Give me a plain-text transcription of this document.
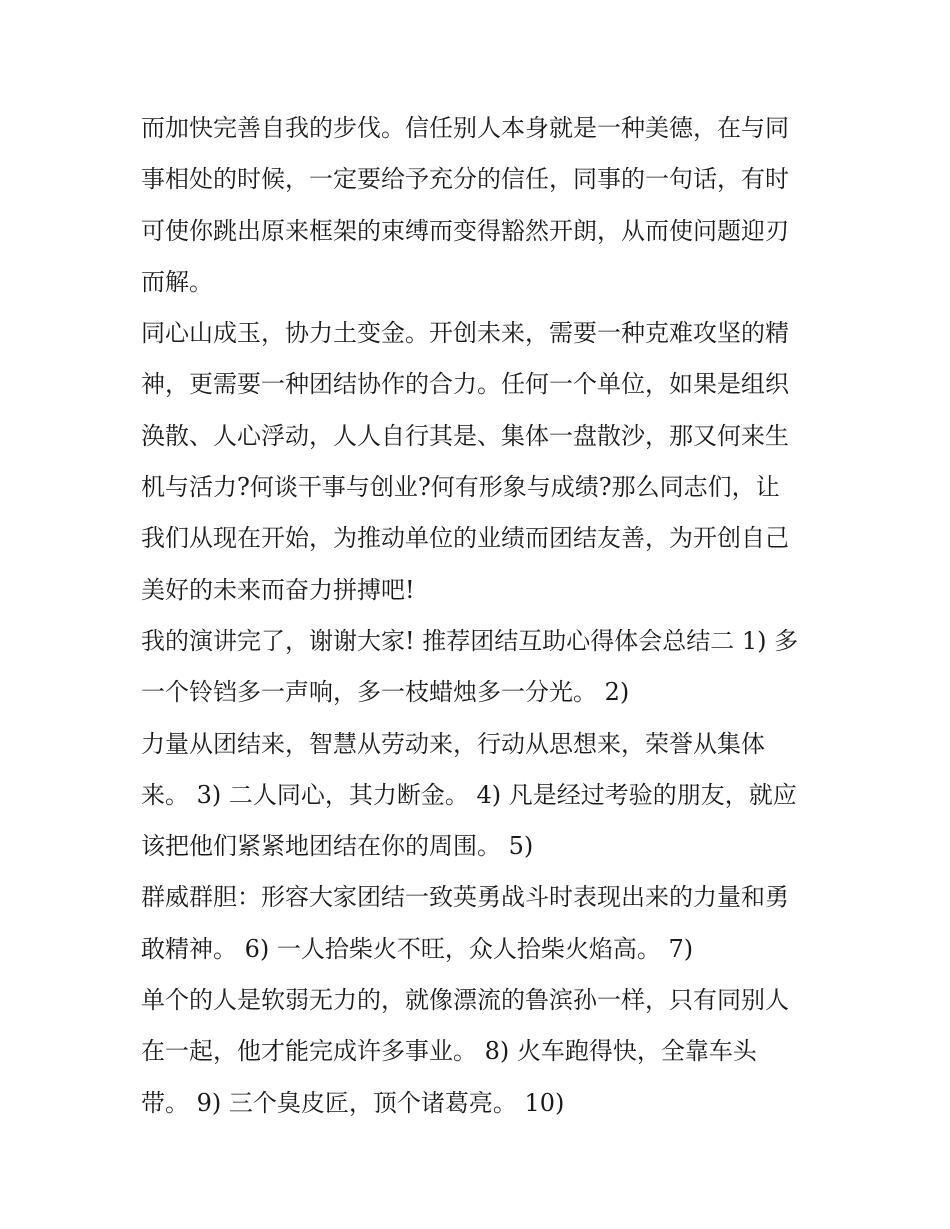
而加快完善自我的步伐。信任别人本身就是一种美德，在与同
事相处的时候，一定要给予充分的信任，同事的一句话，有时
可使你跳出原来框架的束缚而变得豁然开朗，从而使问题迎刃
而解。
同心山成玉，协力土变金。开创未来，需要一种克难攻坚的精
神，更需要一种团结协作的合力。任何一个单位，如果是组织
涣散、人心浮动，人人自行其是、集体一盘散沙，那又何来生
机与活力?何谈干事与创业?何有形象与成绩?那么同志们，让
我们从现在开始，为推动单位的业绩而团结友善，为开创自己
美好的未来而奋力拼搏吧!
我的演讲完了，谢谢大家! 推荐团结互助心得体会总结二 1) 多
一个铃铛多一声响，多一枝蜡烛多一分光。 2)
力量从团结来，智慧从劳动来，行动从思想来，荣誉从集体
来。 3) 二人同心，其力断金。 4) 凡是经过考验的朋友，就应
该把他们紧紧地团结在你的周围。 5)
群威群胆：形容大家团结一致英勇战斗时表现出来的力量和勇
敢精神。 6) 一人拾柴火不旺，众人拾柴火焰高。 7)
单个的人是软弱无力的，就像漂流的鲁滨孙一样，只有同别人
在一起，他才能完成许多事业。 8) 火车跑得快，全靠车头
带。 9) 三个臭皮匠，顶个诸葛亮。 10)
